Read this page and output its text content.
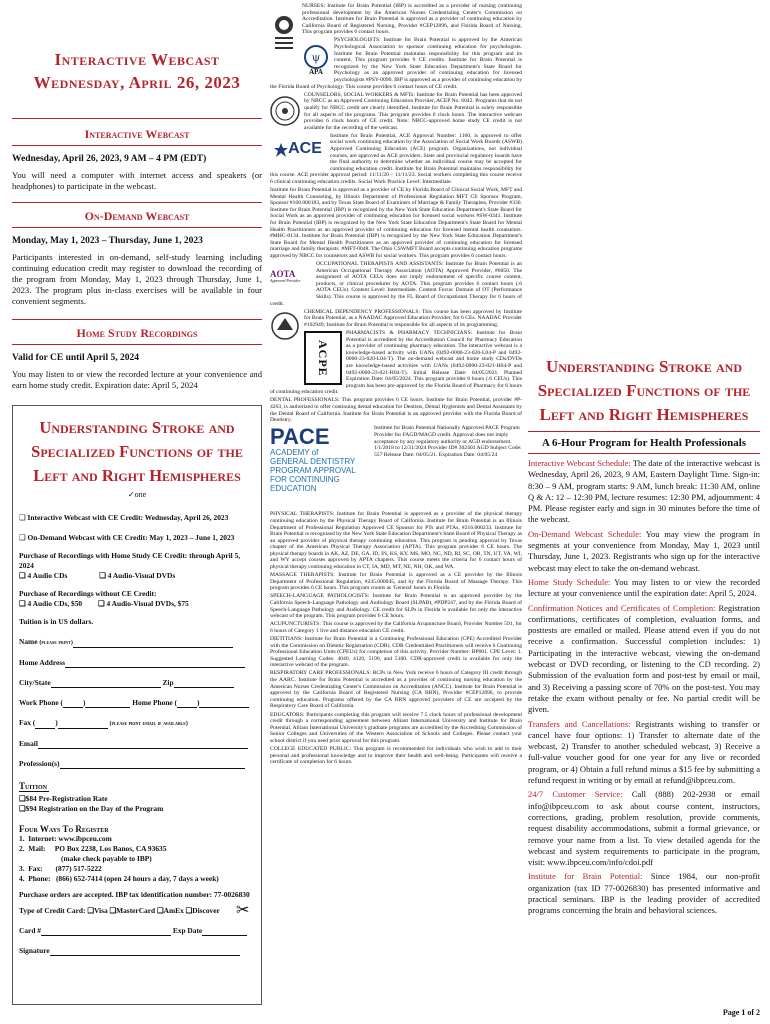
Interactive Webcast
Wednesday, April 26, 2023
Interactive Webcast
Wednesday, April 26, 2023, 9 AM – 4 PM (EDT)
You will need a computer with internet access and speakers (or headphones) to participate in the webcast.
On-Demand Webcast
Monday, May 1, 2023 – Thursday, June 1, 2023
Participants interested in on-demand, self-study learning including continuing education credit may register to download the recording of the program from Monday, May 1, 2023 through Thursday, June 1, 2023. The program plus in-class exercises will be available in four convenient segments.
Home Study Recordings
Valid for CE until April 5, 2024
You may listen to or view the recorded lecture at your convenience and earn home study credit. Expiration date: April 5, 2024
Understanding Stroke and
Specialized Functions of the
Left and Right Hemispheres
✓one
❑ Interactive Webcast with CE Credit: Wednesday, April 26, 2023
❑ On-Demand Webcast with CE Credit: May 1, 2023 – June 1, 2023
Purchase of Recordings with Home Study CE Credit: through April 5, 2024
❑ 4 Audio CDs	❑ 4 Audio-Visual DVDs
Purchase of Recordings without CE Credit:
❑ 4 Audio CDs, $50 ❑ 4 Audio-Visual DVDs, $75
Tuition is in US dollars.
Name (please print)
Home Address
City/State	Zip
Work Phone (	)	Home Phone (	)
Fax (	)	(please print email if available)
Email
Profession(s)
Tuition
❑$84 Pre-Registration Rate
❑$94 Registration on the Day of the Program
Four Ways To Register
1.  Internet: www.ibpceu.com
2.  Mail:     PO Box 2238, Los Banos, CA 93635
(make check payable to IBP)
3.  Fax:       (877) 517-5222
4.  Phone:   (866) 652-7414 (open 24 hours a day, 7 days a week)
Purchase orders are accepted. IBP tax identification number: 77-0026830
Type of Credit Card: ❑Visa ❑MasterCard ❑AmEx ❑Discover
Card #	Exp Date
Signature
✂

NURSES: Institute for Brain Potential (IBP) is accredited as a provider of nursing continuing professional development by the American Nurses Credentialing Center's Commission on Accreditation. Institute for Brain Potential is approved as a provider of continuing education by California Board of Registered Nursing, Provider #CEP12896, and Florida Board of Nursing. This program provides 6 contact hours.

ψ
APA

PSYCHOLOGISTS: Institute for Brain Potential is approved by the American Psychological Association to sponsor continuing education for psychologists. Institute for Brain Potential maintains responsibility for this program and its content. This program provides 6 CE credits. Institute for Brain Potential is recognized by the New York State Education Department's State Board for Psychology as an approved provider of continuing education for licensed psychologists #PSY-0090. IBP is approved as a provider of continuing education by the Florida Board of Psychology. This course provides 6 contact hours of CE credit.

COUNSELORS, SOCIAL WORKERS & MFTs: Institute for Brain Potential has been approved by NBCC as an Approved Continuing Education Provider, ACEP No. 6042. Programs that do not qualify for NBCC credit are clearly identified. Institute for Brain Potential is solely responsible for all aspects of the programs. This program provides 6 clock hours. The interactive webcast provides 6 clock hours of CE credit. Note: NBCC-approved home study CE credit is not available for the recording of the webcast.

ACE

Institute for Brain Potential, ACE Approval Number: 1160, is approved to offer social work continuing education by the Association of Social Work Boards (ASWB) Approved Continuing Education (ACE) program. Organizations, not individual courses, are approved as ACE providers. State and provincial regulatory boards have the final authority to determine whether an individual course may be accepted for continuing education credit. Institute for Brain Potential maintains responsibility for this course. ACE provider approval period: 11/11/20 – 11/11/23. Social workers completing this course receive 6 clinical continuing education credits. Social Work Practice Level: Intermediate.

Institute for Brain Potential is approved as a provider of CE by Florida Board of Clinical Social Work, MFT and Mental Health Counseling, by Illinois Department of Professional Regulation MFT CE Sponsor Program, Sponsor #168.000183, and by Texas State Board of Examiners of Marriage & Family Therapists, Provider #330. Institute for Brain Potential (IBP) is recognized by the New York State Education Department's State Board for Social Work as an approved provider of continuing education for licensed social workers #SW-0341. Institute for Brain Potential (IBP) is recognized by the New York State Education Department's State Board for Mental Health Practitioners as an approved provider of continuing education for licensed mental health counselors. #MHC-0134. Institute for Brain Potential (IBP) is recognized by the New York State Education Department's State Board for Mental Health Practitioners as an approved provider of continuing education for licensed marriage and family therapists. #MFT-0048. The Ohio CSWMFT Board accepts continuing education programs approved by NBCC for counselors and ASWB for social workers. This program provides 6 contact hours.

AOTA
Approved Provider

OCCUPATIONAL THERAPISTS AND ASSISTANTS: Institute for Brain Potential is an American Occupational Therapy Association (AOTA) Approved Provider, #6050. The assignment of AOTA CEUs does not imply endorsement of specific course content, products, or clinical procedures by AOTA. This program provides 6 contact hours (.6 AOTA CEUs). Content Level: Intermediate. Content Focus: Domain of OT (Performance Skills). This course is approved by the FL Board of Occupational Therapy for 6 hours of credit.

CHEMICAL DEPENDENCY PROFESSIONALS: This course has been approved by Institute for Brain Potential, as a NAADAC Approved Education Provider, for 6 CEs. NAADAC Provider #102949; Institute for Brain Potential is responsible for all aspects of its programming.

ACPE

PHARMACISTS & PHARMACY TECHNICIANS: Institute for Brain Potential is accredited by the Accreditation Council for Pharmacy Education as a provider of continuing pharmacy education. The interactive webcast is a knowledge-based activity with UANs (0492-0000-23-020-L04-P and 0492-0000-23-020-L04-T). The on-demand webcast and home study CDs/DVDs are knowledge-based activities with UANs (0492-0000-23-021-H04-P and 0492-0000-23-021-H04-T). Initial Release Date: 04/05/2021. Planned Expiration Date: 04/05/2024. This program provides 6 hours (.6 CEUs). This program has been pre-approved by the Florida Board of Pharmacy for 6 hours of continuing education credit.

DENTAL PROFESSIONALS: This program provides 6 CE hours. Institute for Brain Potential, provider #P-4263, is authorized to offer continuing dental education for Dentists, Dental Hygienists and Dental Assistants by the Dental Board of California. Institute for Brain Potential is an approved provider with the Florida Board of Dentistry.

PACE
ACADEMY of
GENERAL DENTISTRY
PROGRAM APPROVAL
FOR CONTINUING
EDUCATION

Institute for Brain Potential Nationally Approved PACE Program Provider for FAGD/MAGD credit. Approval does not imply acceptance by any regulatory authority or AGD endorsement. 1/1/2018 to 12/31/2024 Provider ID# 302403 AGD Subject Code: 557 Release Date: 04/05/21. Expiration Date: 04/05/24

PHYSICAL THERAPISTS: Institute for Brain Potential is approved as a provider of the physical therapy continuing education by the Physical Therapy Board of California. Institute for Brain Potential is an Illinois Department of Professional Regulation Approved CE Sponsor for PTs and PTAs, #216.000233. Institute for Brain Potential is recognized by the New York State Education Department's State Board of Physical Therapy as an approved provider of physical therapy continuing education. This program is pending approval by Texas chapter of the American Physical Therapy Association (APTA). This program provides 6 CE hours. The physical therapy boards in AK, AZ, DE, GA, ID, IN, KS, KY, MS, MO, NC, ND, RI, SC, OR, TN, UT, VA, WI, and WY accept courses approved by APTA chapters. This course meets the criteria for 6 contact hours of physical therapy continuing education in CT, IA, MD, MT, NE, NH, OK, and WA.

MASSAGE THERAPISTS: Institute for Brain Potential is approved as a CE provider by the Illinois Department of Professional Regulation, #245.000045, and by the Florida Board of Massage Therapy. This program provides 6 CE hours. This program counts as 'General' hours in Florida.

SPEECH-LANGUAGE PATHOLOGISTS: Institute for Brain Potential is an approved provider by the California Speech-Language Pathology and Audiology Board (SLPAB), #PDP247, and by the Florida Board of Speech-Language Pathology and Audiology. CE credit for SLPs in Florida is available for only the interactive webcast of the program. This program provides 6 CE hours.

ACUPUNCTURISTS: This course is approved by the California Acupuncture Board, Provider Number 591, for 6 hours of Category 1 live and distance education CE credit.

DIETITIANS: Institute for Brain Potential is a Continuing Professional Education (CPE) Accredited Provider with the Commission on Dietetic Registration (CDR). CDR Credentialed Practitioners will receive 6 Continuing Professional Education Units (CPEUs) for completion of this activity. Provider Number: BP001. CPE Level: 1. Suggested Learning Codes: 4040, 4120, 5190, and 5100. CDR-approved credit is available for only the interactive webcast of the program.

RESPIRATORY CARE PROFESSIONALS: RCPs in New York receive 6 hours of Category III credit through the AARC. Institute for Brain Potential is accredited as a provider of continuing nursing education by the American Nurses Credentialing Center's Commission on Accreditation (ANCC). Institute for Brain Potential is approved by the California Board of Registered Nursing (CA BRN), Provider #CEP12896, to provide continuing education. Programs offered by the CA BRN approved providers of CE are accepted by the Respiratory Care Board of California.

EDUCATORS: Participants completing this program will receive 7.5 clock hours of professional development credit through a corresponding agreement between Alliant International University and Institute for Brain Potential. Alliant International University's graduate programs are accredited by the Accrediting Commission of Senior Colleges and Universities of the Western Association of Schools and Colleges. Please contact your school district if you need prior approval for this program.

COLLEGE EDUCATED PUBLIC: This program is recommended for individuals who wish to add to their personal and professional knowledge and to improve their health and well-being. Participants will receive a certificate of completion for 6 hours.

Understanding Stroke and
Specialized Functions of the
Left and Right Hemispheres
A 6-Hour Program for Health Professionals
Interactive Webcast Schedule: The date of the interactive webcast is Wednesday, April 26, 2023, 9 AM, Eastern Daylight Time. Sign-in: 8:30 – 9 AM, program starts: 9 AM, lunch break: 11:30 AM, online Q & A: 12 – 12:30 PM, lecture resumes: 12:30 PM, adjournment: 4 PM. Please register early and sign in 30 minutes before the time of the webcast.
On-Demand Webcast Schedule: You may view the program in segments at your convenience from Monday, May 1, 2023 until Thursday, June 1, 2023. Registrants who sign up for the interactive webcast may elect to take the on-demand webcast.
Home Study Schedule: You may listen to or view the recorded lecture at your convenience until the expiration date: April 5, 2024.
Confirmation Notices and Certificates of Completion: Registration confirmations, certificates of completion, evaluation forms, and posttests are emailed or mailed. Please attend even if you do not receive a confirmation. Successful completion includes: 1) Participating in the interactive webcast, viewing the on-demand webcast or DVD recording, or listening to the CD recording. 2) Submission of the evaluation form and post-test by email or mail, and 3) Receiving a passing score of 70% on the post-test. You may retake the exam without penalty or fee. No partial credit will be given.
Transfers and Cancellations: Registrants wishing to transfer or cancel have four options: 1) Transfer to alternate date of the webcast, 2) Transfer to another scheduled webcast, 3) Receive a full-value voucher good for one year for any live or recorded program, or 4) Obtain a full refund minus a $15 fee by submitting a refund request in writing or by email at refund@ibpceu.com.
24/7 Customer Service: Call (888) 202-2938 or email info@ibpceu.com to ask about course content, instructors, corrections, grading, problem resolution, provide comments, request disability accommodations, submit a formal grievance, or remove your name from a list. To view detailed agenda for the webcast and system requirements to participate in the program, visit: www.ibpceu.com/info/cdoi.pdf
Institute for Brain Potential: Since 1984, our non-profit organization (tax ID 77-0026830) has presented informative and practical seminars. IBP is the leading provider of accredited programs concerning the brain and behavioral sciences.
Page 1 of 2
